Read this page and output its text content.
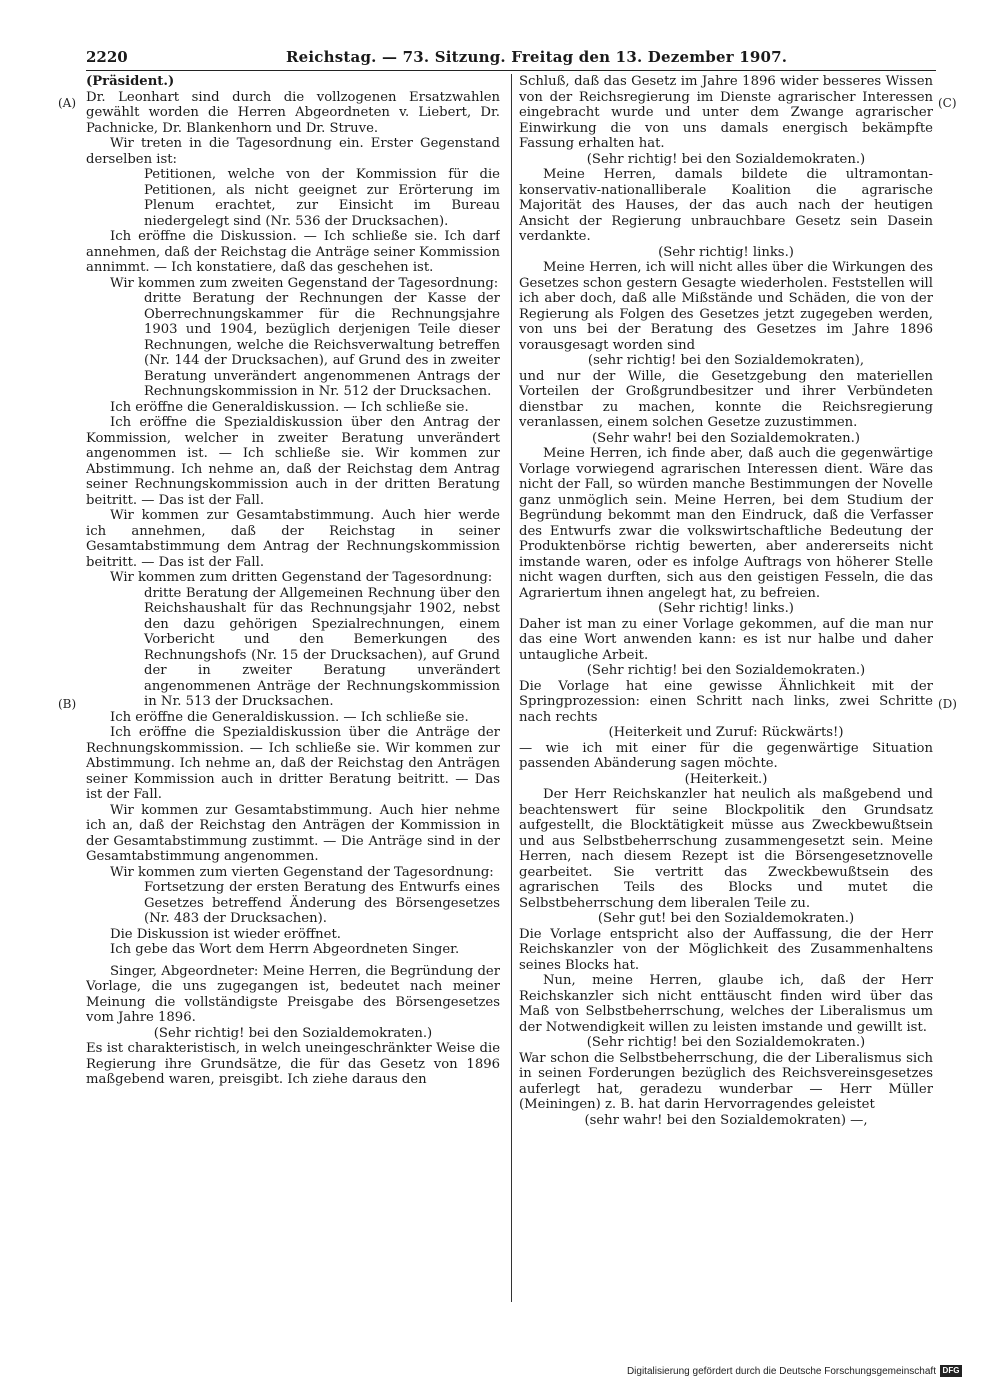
2220	Reichstag. — 73. Sitzung. Freitag den 13. Dezember 1907.
(A)
(B)
(C)
(D)

(Präsident.)

Dr. Leonhart sind durch die vollzogenen Ersatzwahlen gewählt worden die Herren Abgeordneten v. Liebert, Dr. Pachnicke, Dr. Blankenhorn und Dr. Struve.

Wir treten in die Tagesordnung ein. Erster Gegenstand derselben ist:

Petitionen, welche von der Kommission für die Petitionen, als nicht geeignet zur Erörterung im Plenum erachtet, zur Einsicht im Bureau niedergelegt sind (Nr. 536 der Drucksachen).

Ich eröffne die Diskussion. — Ich schließe sie. Ich darf annehmen, daß der Reichstag die Anträge seiner Kommission annimmt. — Ich konstatiere, daß das geschehen ist.

Wir kommen zum zweiten Gegenstand der Tagesordnung:

dritte Beratung der Rechnungen der Kasse der Oberrechnungskammer für die Rechnungsjahre 1903 und 1904, bezüglich derjenigen Teile dieser Rechnungen, welche die Reichsverwaltung betreffen (Nr. 144 der Drucksachen), auf Grund des in zweiter Beratung unverändert angenommenen Antrags der Rechnungskommission in Nr. 512 der Drucksachen.

Ich eröffne die Generaldiskussion. — Ich schließe sie.

Ich eröffne die Spezialdiskussion über den Antrag der Kommission, welcher in zweiter Beratung unverändert angenommen ist. — Ich schließe sie. Wir kommen zur Abstimmung. Ich nehme an, daß der Reichstag dem Antrag seiner Rechnungskommission auch in der dritten Beratung beitritt. — Das ist der Fall.

Wir kommen zur Gesamtabstimmung. Auch hier werde ich annehmen, daß der Reichstag in seiner Gesamtabstimmung dem Antrag der Rechnungskommission beitritt. — Das ist der Fall.

Wir kommen zum dritten Gegenstand der Tagesordnung:

dritte Beratung der Allgemeinen Rechnung über den Reichshaushalt für das Rechnungsjahr 1902, nebst den dazu gehörigen Spezialrechnungen, einem Vorbericht und den Bemerkungen des Rechnungshofs (Nr. 15 der Drucksachen), auf Grund der in zweiter Beratung unverändert angenommenen Anträge der Rechnungskommission in Nr. 513 der Drucksachen.

Ich eröffne die Generaldiskussion. — Ich schließe sie.

Ich eröffne die Spezialdiskussion über die Anträge der Rechnungskommission. — Ich schließe sie. Wir kommen zur Abstimmung. Ich nehme an, daß der Reichstag den Anträgen seiner Kommission auch in dritter Beratung beitritt. — Das ist der Fall.

Wir kommen zur Gesamtabstimmung. Auch hier nehme ich an, daß der Reichstag den Anträgen der Kommission in der Gesamtabstimmung zustimmt. — Die Anträge sind in der Gesamtabstimmung angenommen.

Wir kommen zum vierten Gegenstand der Tagesordnung:

Fortsetzung der ersten Beratung des Entwurfs eines Gesetzes betreffend Änderung des Börsengesetzes (Nr. 483 der Drucksachen).

Die Diskussion ist wieder eröffnet.

Ich gebe das Wort dem Herrn Abgeordneten Singer.

Singer, Abgeordneter: Meine Herren, die Begründung der Vorlage, die uns zugegangen ist, bedeutet nach meiner Meinung die vollständigste Preisgabe des Börsengesetzes vom Jahre 1896.

(Sehr richtig! bei den Sozialdemokraten.)

Es ist charakteristisch, in welch uneingeschränkter Weise die Regierung ihre Grundsätze, die für das Gesetz von 1896 maßgebend waren, preisgibt. Ich ziehe daraus den

Schluß, daß das Gesetz im Jahre 1896 wider besseres Wissen von der Reichsregierung im Dienste agrarischer Interessen eingebracht wurde und unter dem Zwange agrarischer Einwirkung die von uns damals energisch bekämpfte Fassung erhalten hat.

(Sehr richtig! bei den Sozialdemokraten.)

Meine Herren, damals bildete die ultramontan-konservativ-nationalliberale Koalition die agrarische Majorität des Hauses, der das auch nach der heutigen Ansicht der Regierung unbrauchbare Gesetz sein Dasein verdankte.

(Sehr richtig! links.)

Meine Herren, ich will nicht alles über die Wirkungen des Gesetzes schon gestern Gesagte wiederholen. Feststellen will ich aber doch, daß alle Mißstände und Schäden, die von der Regierung als Folgen des Gesetzes jetzt zugegeben werden, von uns bei der Beratung des Gesetzes im Jahre 1896 vorausgesagt worden sind

(sehr richtig! bei den Sozialdemokraten),

und nur der Wille, die Gesetzgebung den materiellen Vorteilen der Großgrundbesitzer und ihrer Verbündeten dienstbar zu machen, konnte die Reichsregierung veranlassen, einem solchen Gesetze zuzustimmen.

(Sehr wahr! bei den Sozialdemokraten.)

Meine Herren, ich finde aber, daß auch die gegenwärtige Vorlage vorwiegend agrarischen Interessen dient. Wäre das nicht der Fall, so würden manche Bestimmungen der Novelle ganz unmöglich sein. Meine Herren, bei dem Studium der Begründung bekommt man den Eindruck, daß die Verfasser des Entwurfs zwar die volkswirtschaftliche Bedeutung der Produktenbörse richtig bewerten, aber andererseits nicht imstande waren, oder es infolge Auftrags von höherer Stelle nicht wagen durften, sich aus den geistigen Fesseln, die das Agrariertum ihnen angelegt hat, zu befreien.

(Sehr richtig! links.)

Daher ist man zu einer Vorlage gekommen, auf die man nur das eine Wort anwenden kann: es ist nur halbe und daher untaugliche Arbeit.

(Sehr richtig! bei den Sozialdemokraten.)

Die Vorlage hat eine gewisse Ähnlichkeit mit der Springprozession: einen Schritt nach links, zwei Schritte nach rechts

(Heiterkeit und Zuruf: Rückwärts!)

— wie ich mit einer für die gegenwärtige Situation passenden Abänderung sagen möchte.

(Heiterkeit.)

Der Herr Reichskanzler hat neulich als maßgebend und beachtenswert für seine Blockpolitik den Grundsatz aufgestellt, die Blocktätigkeit müsse aus Zweckbewußtsein und aus Selbstbeherrschung zusammengesetzt sein. Meine Herren, nach diesem Rezept ist die Börsengesetznovelle gearbeitet. Sie vertritt das Zweckbewußtsein des agrarischen Teils des Blocks und mutet die Selbstbeherrschung dem liberalen Teile zu.

(Sehr gut! bei den Sozialdemokraten.)

Die Vorlage entspricht also der Auffassung, die der Herr Reichskanzler von der Möglichkeit des Zusammenhaltens seines Blocks hat.

Nun, meine Herren, glaube ich, daß der Herr Reichskanzler sich nicht enttäuscht finden wird über das Maß von Selbstbeherrschung, welches der Liberalismus um der Notwendigkeit willen zu leisten imstande und gewillt ist.

(Sehr richtig! bei den Sozialdemokraten.)

War schon die Selbstbeherrschung, die der Liberalismus sich in seinen Forderungen bezüglich des Reichsvereinsgesetzes auferlegt hat, geradezu wunderbar — Herr Müller (Meiningen) z. B. hat darin Hervorragendes geleistet

(sehr wahr! bei den Sozialdemokraten) —,

Digitalisierung gefördert durch die Deutsche Forschungsgemeinschaft DFG
